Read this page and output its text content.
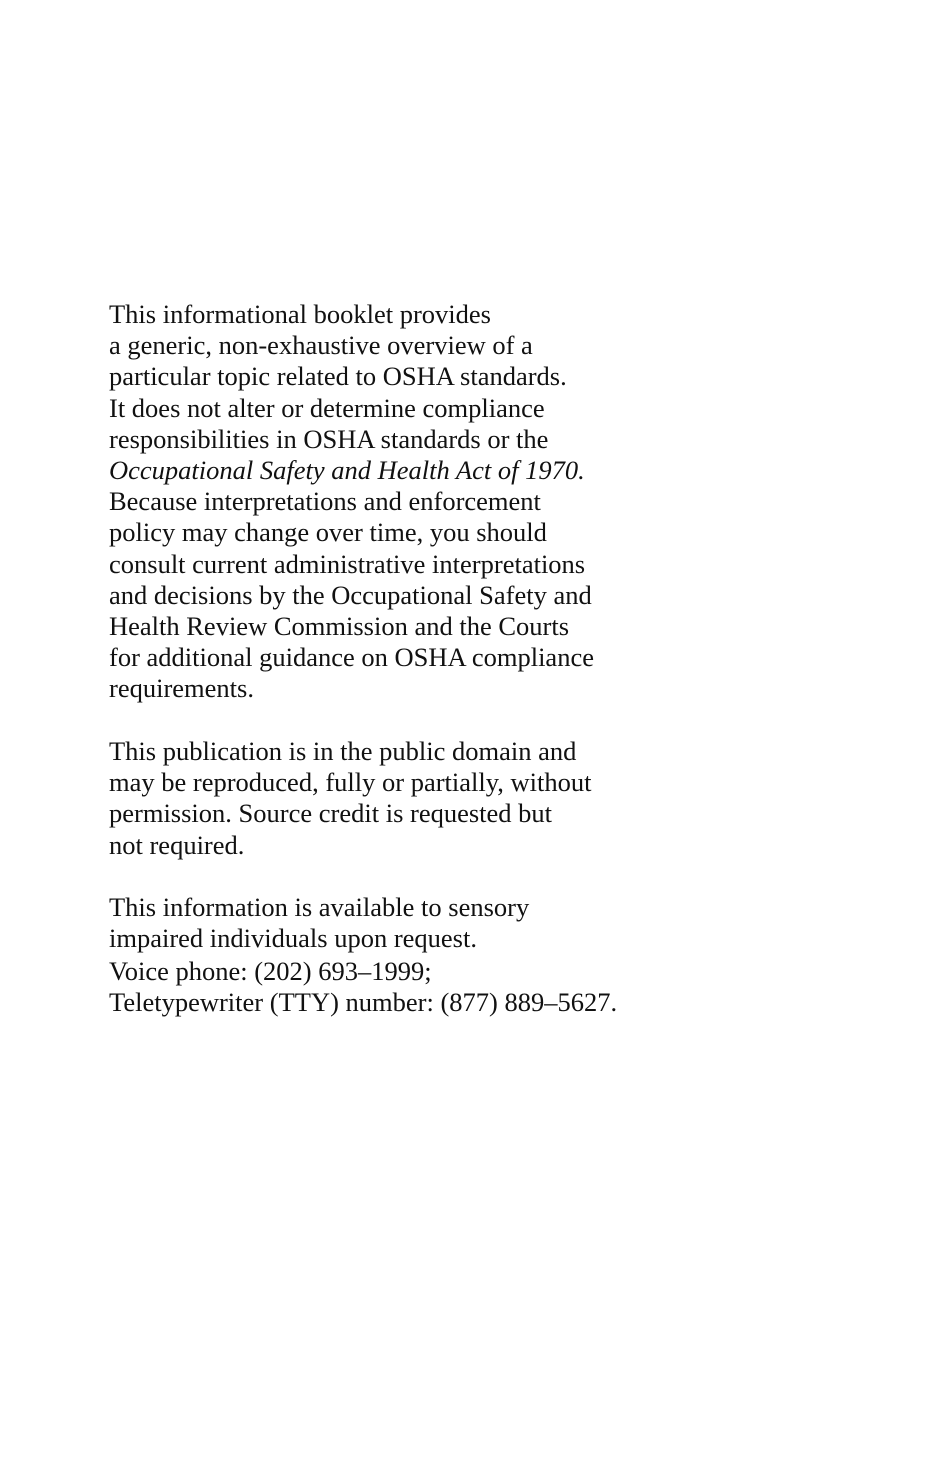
This informational booklet provides
a generic, non-exhaustive overview of a
particular topic related to OSHA standards.
It does not alter or determine compliance
responsibilities in OSHA standards or the
Occupational Safety and Health Act of 1970.
Because interpretations and enforcement
policy may change over time, you should
consult current administrative interpretations
and decisions by the Occupational Safety and
Health Review Commission and the Courts
for additional guidance on OSHA compliance
requirements.
This publication is in the public domain and
may be reproduced, fully or partially, without
permission. Source credit is requested but
not required.
This information is available to sensory
impaired individuals upon request.
Voice phone: (202) 693–1999;
Teletypewriter (TTY) number: (877) 889–5627.
